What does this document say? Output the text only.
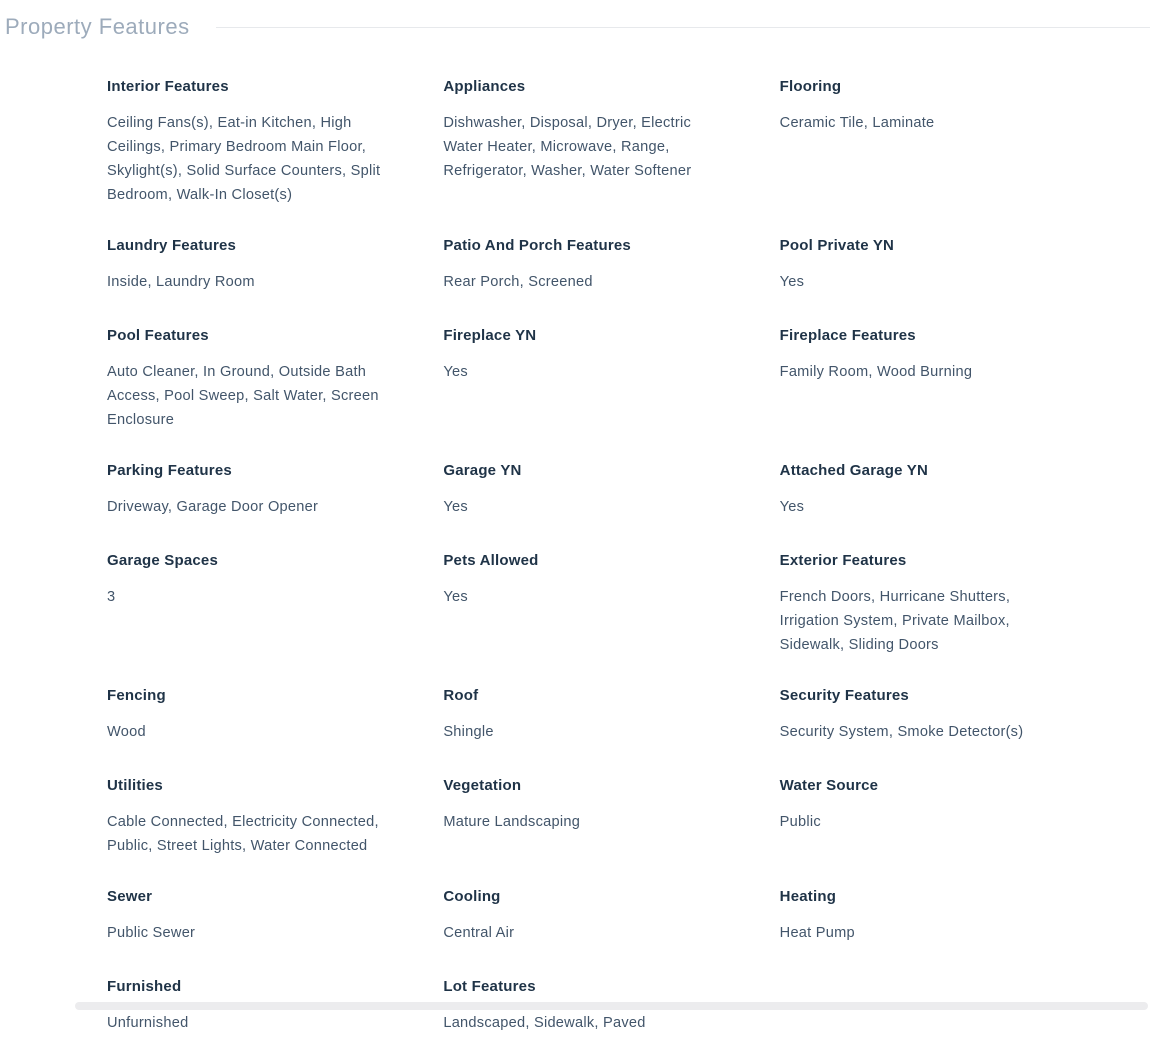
Property Features
Interior Features
Ceiling Fans(s), Eat-in Kitchen, High Ceilings, Primary Bedroom Main Floor, Skylight(s), Solid Surface Counters, Split Bedroom, Walk-In Closet(s)
Appliances
Dishwasher, Disposal, Dryer, Electric Water Heater, Microwave, Range, Refrigerator, Washer, Water Softener
Flooring
Ceramic Tile, Laminate
Laundry Features
Inside, Laundry Room
Patio And Porch Features
Rear Porch, Screened
Pool Private YN
Yes
Pool Features
Auto Cleaner, In Ground, Outside Bath Access, Pool Sweep, Salt Water, Screen Enclosure
Fireplace YN
Yes
Fireplace Features
Family Room, Wood Burning
Parking Features
Driveway, Garage Door Opener
Garage YN
Yes
Attached Garage YN
Yes
Garage Spaces
3
Pets Allowed
Yes
Exterior Features
French Doors, Hurricane Shutters, Irrigation System, Private Mailbox, Sidewalk, Sliding Doors
Fencing
Wood
Roof
Shingle
Security Features
Security System, Smoke Detector(s)
Utilities
Cable Connected, Electricity Connected, Public, Street Lights, Water Connected
Vegetation
Mature Landscaping
Water Source
Public
Sewer
Public Sewer
Cooling
Central Air
Heating
Heat Pump
Furnished
Unfurnished
Lot Features
Landscaped, Sidewalk, Paved
